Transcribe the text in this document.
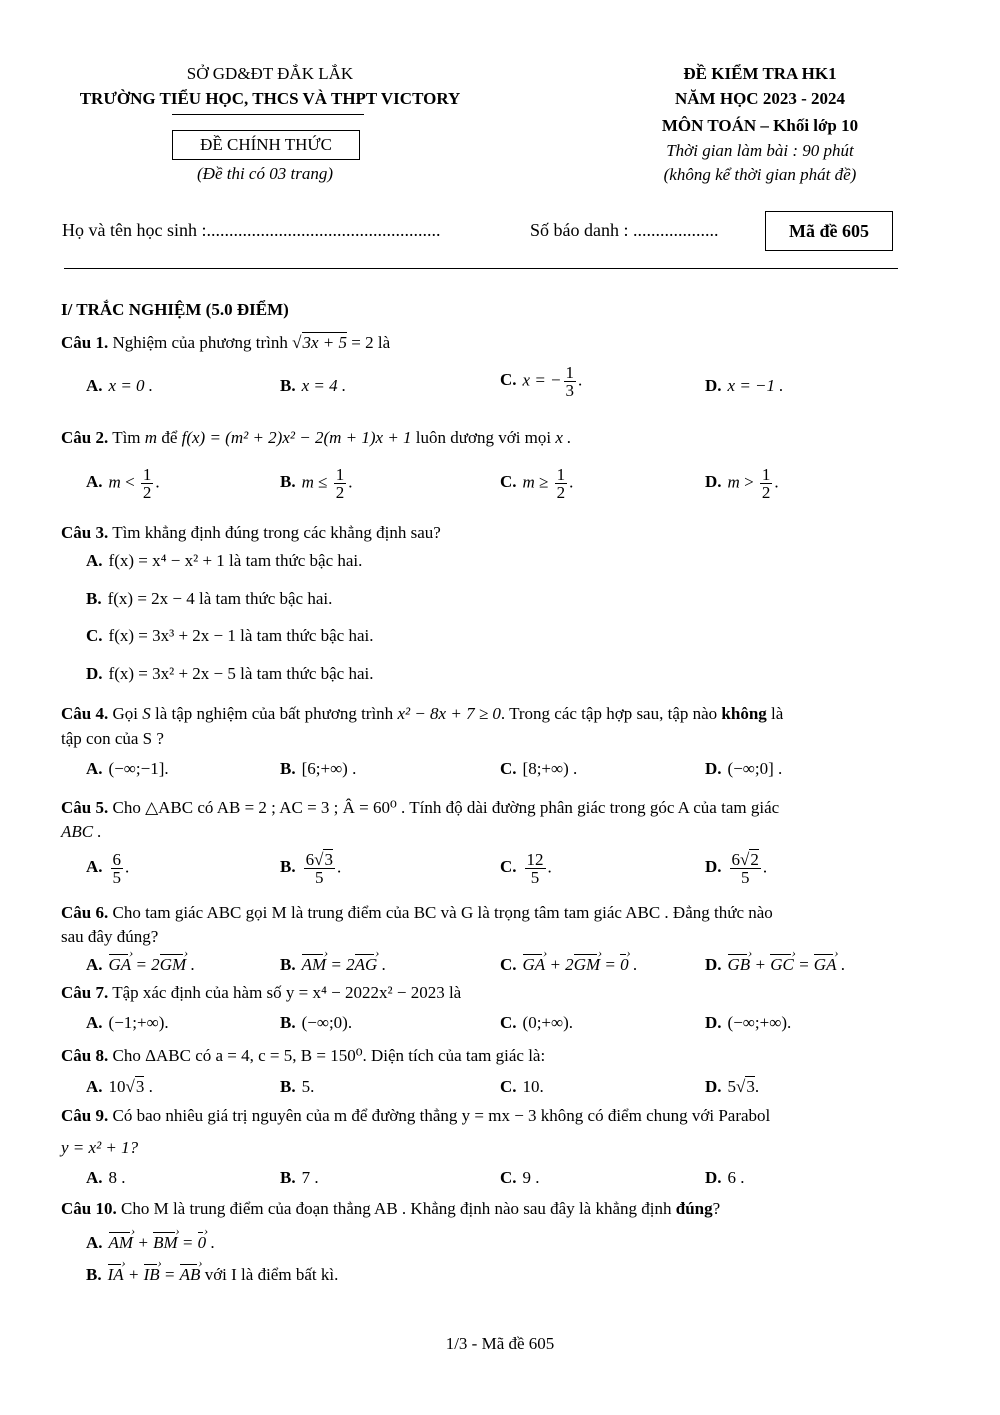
SỞ GD&ĐT ĐẮK LẮK
TRƯỜNG TIỂU HỌC, THCS VÀ THPT VICTORY
ĐỀ CHÍNH THỨC
(Đề thi có 03 trang)
ĐỀ KIỂM TRA HK1
NĂM HỌC 2023 - 2024
MÔN TOÁN – Khối lớp 10
Thời gian làm bài : 90 phút
(không kể thời gian phát đề)
Họ và tên học sinh :....................................................	Số báo danh : ...................	Mã đề 605
I/ TRẮC NGHIỆM (5.0 ĐIỂM)
Câu 1. Nghiệm của phương trình √3x + 5 = 2 là
A. x = 0 .	B. x = 4 .	C. x = − $\frac{1}{3}$ .	D. x = −1 .
Câu 2. Tìm m để f(x) = (m² + 2)x² − 2(m + 1)x + 1 luôn dương với mọi x .
A. $m < \frac{1}{2}$ .	B. $m \le \frac{1}{2}$ .	C. $m \ge \frac{1}{2}$ .	D. $m > \frac{1}{2}$ .
Câu 3. Tìm khẳng định đúng trong các khẳng định sau?
A. f(x) = x⁴ − x² + 1 là tam thức bậc hai.
B. f(x) = 2x − 4 là tam thức bậc hai.
C. f(x) = 3x³ + 2x − 1 là tam thức bậc hai.
D. f(x) = 3x² + 2x − 5 là tam thức bậc hai.
Câu 4. Gọi S là tập nghiệm của bất phương trình x² − 8x + 7 ≥ 0. Trong các tập hợp sau, tập nào không là
tập con của S ?
A. (−∞;−1].	B. [6;+∞) .	C. [8;+∞) .	D. (−∞;0] .
Câu 5. Cho △ABC có AB = 2 ; AC = 3 ; Â = 60⁰ . Tính độ dài đường phân giác trong góc A của tam giác
ABC .
A. $\frac{6}{5}$ .	B. $\frac{6√3}{5}$ .	C. $\frac{12}{5}$ .	D. $\frac{6√2}{5}$ .
Câu 6. Cho tam giác ABC gọi M là trung điểm của BC và G là trọng tâm tam giác ABC . Đẳng thức nào
sau đây đúng?
A. GA › = 2GM › .	B. AM › = 2AG › .	C. GA › + 2GM › = 0 › .	D. GB › + GC › = GA › .
Câu 7. Tập xác định của hàm số y = x⁴ − 2022x² − 2023 là
A. (−1;+∞).	B. (−∞;0).	C. (0;+∞).	D. (−∞;+∞).
Câu 8. Cho ΔABC có a = 4, c = 5, B = 150⁰. Diện tích của tam giác là:
A. 10√3 .	B. 5.	C. 10.	D. 5√3.
Câu 9. Có bao nhiêu giá trị nguyên của m để đường thẳng y = mx − 3 không có điểm chung với Parabol
y = x² + 1?
A. 8 .	B. 7 .	C. 9 .	D. 6 .
Câu 10. Cho M là trung điểm của đoạn thẳng AB . Khẳng định nào sau đây là khẳng định đúng?
A. AM › + BM › = 0 › .
B. IA › + IB › = AB › với I là điểm bất kì.
1/3 - Mã đề 605
